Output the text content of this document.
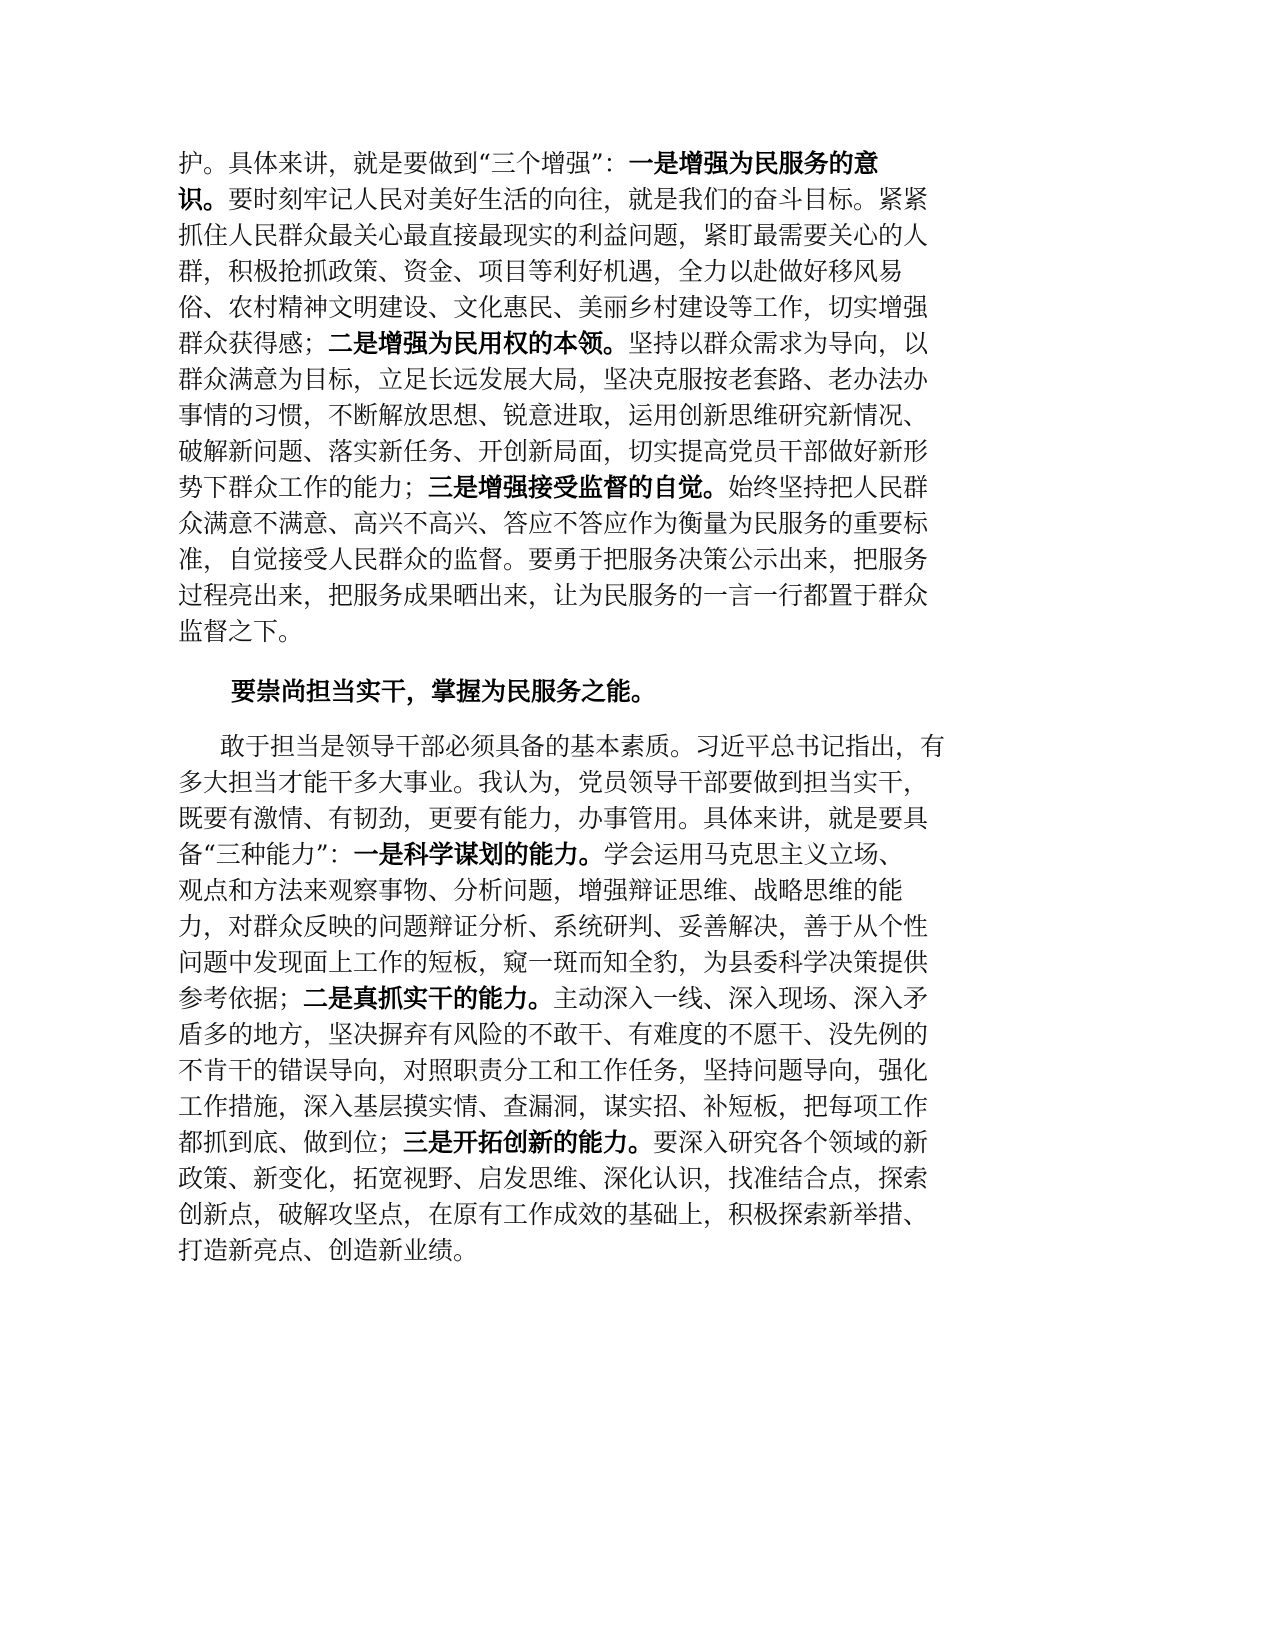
护。具体来讲，就是要做到“三个增强”：一是增强为民服务的意
识。要时刻牢记人民对美好生活的向往，就是我们的奋斗目标。紧紧
抓住人民群众最关心最直接最现实的利益问题，紧盯最需要关心的人
群，积极抢抓政策、资金、项目等利好机遇，全力以赴做好移风易
俗、农村精神文明建设、文化惠民、美丽乡村建设等工作，切实增强
群众获得感；二是增强为民用权的本领。坚持以群众需求为导向，以
群众满意为目标，立足长远发展大局，坚决克服按老套路、老办法办
事情的习惯，不断解放思想、锐意进取，运用创新思维研究新情况、
破解新问题、落实新任务、开创新局面，切实提高党员干部做好新形
势下群众工作的能力；三是增强接受监督的自觉。始终坚持把人民群
众满意不满意、高兴不高兴、答应不答应作为衡量为民服务的重要标
准，自觉接受人民群众的监督。要勇于把服务决策公示出来，把服务
过程亮出来，把服务成果晒出来，让为民服务的一言一行都置于群众
监督之下。
要崇尚担当实干，掌握为民服务之能。
敢于担当是领导干部必须具备的基本素质。习近平总书记指出，有
多大担当才能干多大事业。我认为，党员领导干部要做到担当实干，
既要有激情、有韧劲，更要有能力，办事管用。具体来讲，就是要具
备“三种能力”：一是科学谋划的能力。学会运用马克思主义立场、
观点和方法来观察事物、分析问题，增强辩证思维、战略思维的能
力，对群众反映的问题辩证分析、系统研判、妥善解决，善于从个性
问题中发现面上工作的短板，窥一斑而知全豹，为县委科学决策提供
参考依据；二是真抓实干的能力。主动深入一线、深入现场、深入矛
盾多的地方，坚决摒弃有风险的不敢干、有难度的不愿干、没先例的
不肯干的错误导向，对照职责分工和工作任务，坚持问题导向，强化
工作措施，深入基层摸实情、查漏洞，谋实招、补短板，把每项工作
都抓到底、做到位；三是开拓创新的能力。要深入研究各个领域的新
政策、新变化，拓宽视野、启发思维、深化认识，找准结合点，探索
创新点，破解攻坚点，在原有工作成效的基础上，积极探索新举措、
打造新亮点、创造新业绩。
